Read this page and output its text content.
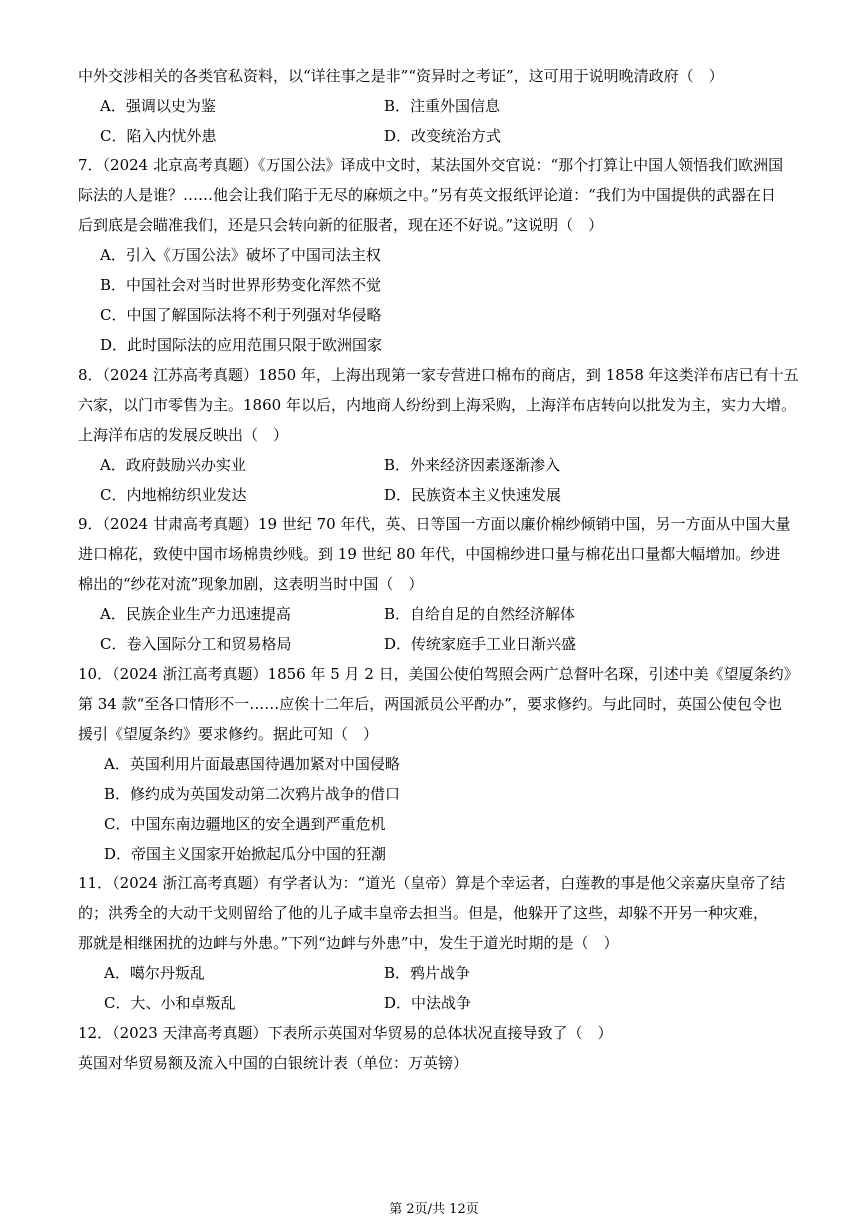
中外交涉相关的各类官私资料，以“详往事之是非”“资异时之考证”，这可用于说明晚清政府（　）
A．强调以史为鉴	B．注重外国信息
C．陷入内忧外患	D．改变统治方式
7．（2024 北京高考真题）《万国公法》译成中文时，某法国外交官说：“那个打算让中国人领悟我们欧洲国
际法的人是谁？……他会让我们陷于无尽的麻烦之中。”另有英文报纸评论道：“我们为中国提供的武器在日
后到底是会瞄准我们，还是只会转向新的征服者，现在还不好说。”这说明（　）
A．引入《万国公法》破坏了中国司法主权
B．中国社会对当时世界形势变化浑然不觉
C．中国了解国际法将不利于列强对华侵略
D．此时国际法的应用范围只限于欧洲国家
8．（2024 江苏高考真题）1850 年，上海出现第一家专营进口棉布的商店，到 1858 年这类洋布店已有十五
六家，以门市零售为主。1860 年以后，内地商人纷纷到上海采购，上海洋布店转向以批发为主，实力大增。
上海洋布店的发展反映出（　）
A．政府鼓励兴办实业	B．外来经济因素逐渐渗入
C．内地棉纺织业发达	D．民族资本主义快速发展
9．（2024 甘肃高考真题）19 世纪 70 年代，英、日等国一方面以廉价棉纱倾销中国，另一方面从中国大量
进口棉花，致使中国市场棉贵纱贱。到 19 世纪 80 年代，中国棉纱进口量与棉花出口量都大幅增加。纱进
棉出的“纱花对流”现象加剧，这表明当时中国（　）
A．民族企业生产力迅速提高	B．自给自足的自然经济解体
C．卷入国际分工和贸易格局	D．传统家庭手工业日渐兴盛
10．（2024 浙江高考真题）1856 年 5 月 2 日，美国公使伯驾照会两广总督叶名琛，引述中美《望厦条约》
第 34 款“至各口情形不一……应俟十二年后，两国派员公平酌办”，要求修约。与此同时，英国公使包令也
援引《望厦条约》要求修约。据此可知（　）
A．英国利用片面最惠国待遇加紧对中国侵略
B．修约成为英国发动第二次鸦片战争的借口
C．中国东南边疆地区的安全遇到严重危机
D．帝国主义国家开始掀起瓜分中国的狂潮
11．（2024 浙江高考真题）有学者认为：“道光（皇帝）算是个幸运者，白莲教的事是他父亲嘉庆皇帝了结
的；洪秀全的大动干戈则留给了他的儿子咸丰皇帝去担当。但是，他躲开了这些，却躲不开另一种灾难，
那就是相继困扰的边衅与外患。”下列“边衅与外患”中，发生于道光时期的是（　）
A．噶尔丹叛乱	B．鸦片战争
C．大、小和卓叛乱	D．中法战争
12．（2023 天津高考真题）下表所示英国对华贸易的总体状况直接导致了（　）
英国对华贸易额及流入中国的白银统计表（单位：万英镑）
第 2页/共 12页
